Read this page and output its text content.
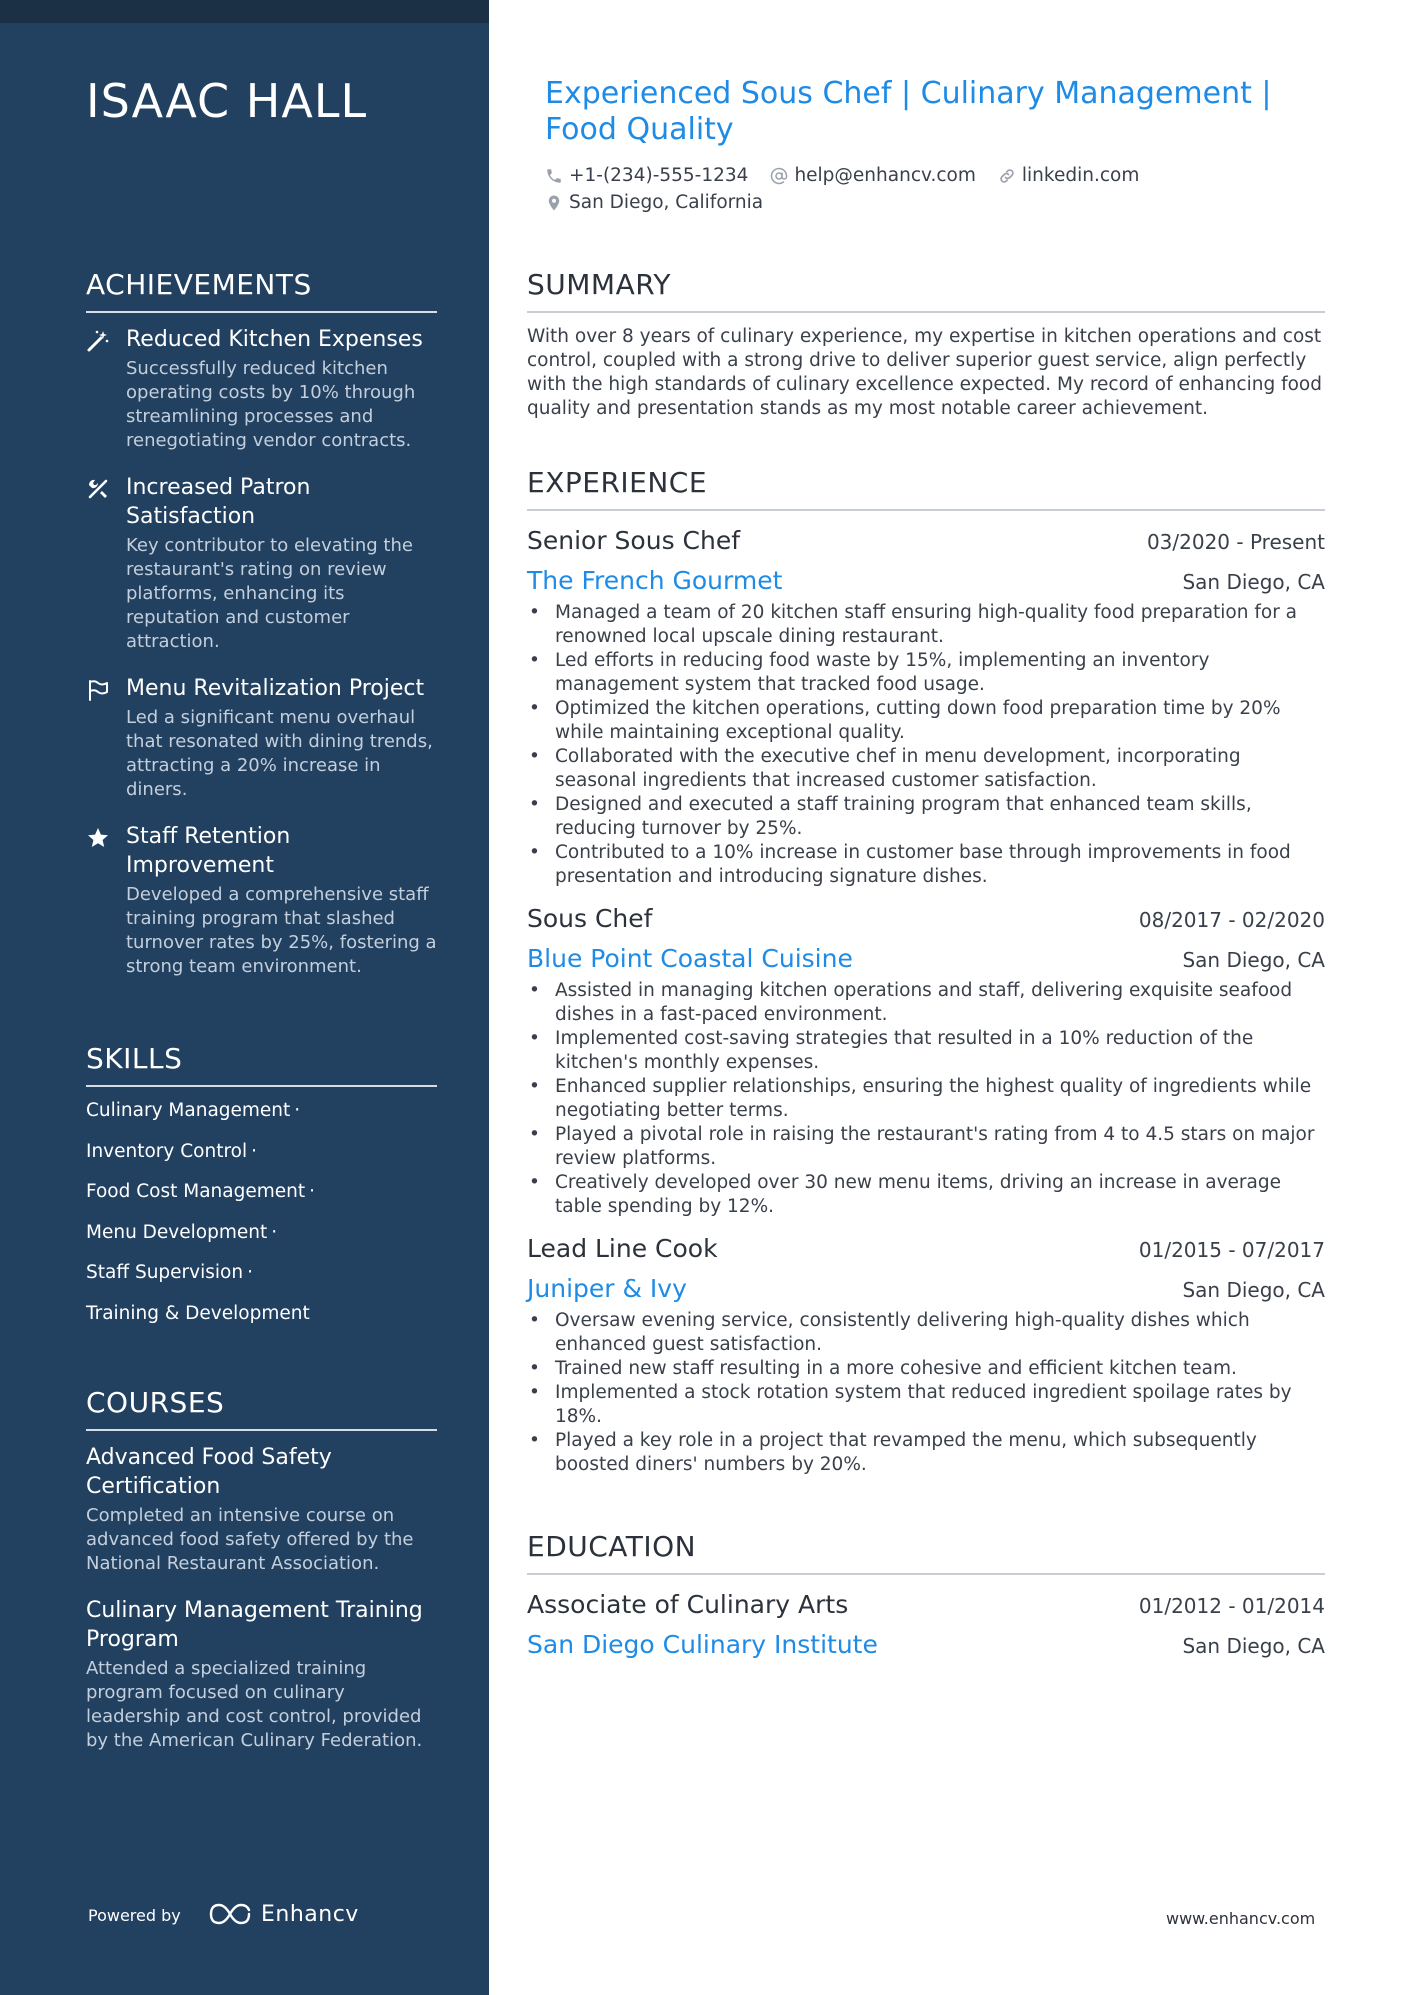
ISAAC HALL
ACHIEVEMENTS
Reduced Kitchen Expenses
Successfully reduced kitchen operating costs by 10% through streamlining processes and renegotiating vendor contracts.
Increased Patron Satisfaction
Key contributor to elevating the restaurant's rating on review platforms, enhancing its reputation and customer attraction.
Menu Revitalization Project
Led a significant menu overhaul that resonated with dining trends, attracting a 20% increase in diners.
Staff Retention Improvement
Developed a comprehensive staff training program that slashed turnover rates by 25%, fostering a strong team environment.
SKILLS
Culinary Management ·
Inventory Control ·
Food Cost Management ·
Menu Development ·
Staff Supervision ·
Training & Development
COURSES
Advanced Food Safety Certification
Completed an intensive course on advanced food safety offered by the National Restaurant Association.
Culinary Management Training Program
Attended a specialized training program focused on culinary leadership and cost control, provided by the American Culinary Federation.
Powered by	Enhancv
Experienced Sous Chef | Culinary Management | Food Quality
+1-(234)-555-1234 help@enhancv.com linkedin.com
San Diego, California
SUMMARY
With over 8 years of culinary experience, my expertise in kitchen operations and cost control, coupled with a strong drive to deliver superior guest service, align perfectly with the high standards of culinary excellence expected. My record of enhancing food quality and presentation stands as my most notable career achievement.
EXPERIENCE
Senior Sous Chef	03/2020 - Present
The French Gourmet	San Diego, CA
• Managed a team of 20 kitchen staff ensuring high-quality food preparation for a renowned local upscale dining restaurant.
• Led efforts in reducing food waste by 15%, implementing an inventory management system that tracked food usage.
• Optimized the kitchen operations, cutting down food preparation time by 20% while maintaining exceptional quality.
• Collaborated with the executive chef in menu development, incorporating seasonal ingredients that increased customer satisfaction.
• Designed and executed a staff training program that enhanced team skills, reducing turnover by 25%.
• Contributed to a 10% increase in customer base through improvements in food presentation and introducing signature dishes.
Sous Chef	08/2017 - 02/2020
Blue Point Coastal Cuisine	San Diego, CA
• Assisted in managing kitchen operations and staff, delivering exquisite seafood dishes in a fast-paced environment.
• Implemented cost-saving strategies that resulted in a 10% reduction of the kitchen's monthly expenses.
• Enhanced supplier relationships, ensuring the highest quality of ingredients while negotiating better terms.
• Played a pivotal role in raising the restaurant's rating from 4 to 4.5 stars on major review platforms.
• Creatively developed over 30 new menu items, driving an increase in average table spending by 12%.
Lead Line Cook	01/2015 - 07/2017
Juniper & Ivy	San Diego, CA
• Oversaw evening service, consistently delivering high-quality dishes which enhanced guest satisfaction.
• Trained new staff resulting in a more cohesive and efficient kitchen team.
• Implemented a stock rotation system that reduced ingredient spoilage rates by 18%.
• Played a key role in a project that revamped the menu, which subsequently boosted diners' numbers by 20%.
EDUCATION
Associate of Culinary Arts	01/2012 - 01/2014
San Diego Culinary Institute	San Diego, CA
www.enhancv.com
